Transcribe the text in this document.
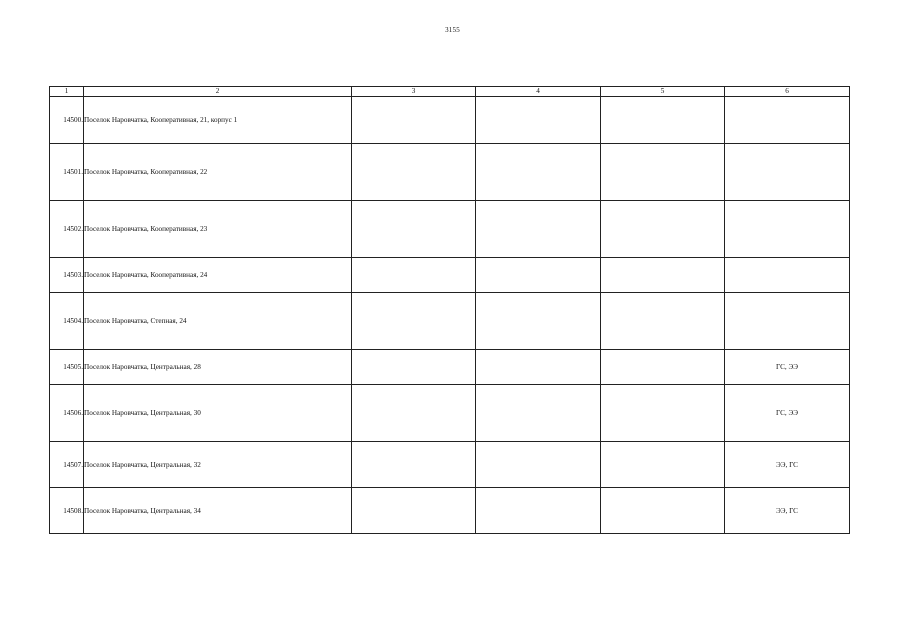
3155
1	2	3	4	5	6
14500.	Поселок Наровчатка, Кооперативная, 21, корпус 1				
14501.	Поселок Наровчатка, Кооперативная, 22				
14502.	Поселок Наровчатка, Кооперативная, 23				
14503.	Поселок Наровчатка, Кооперативная, 24				
14504.	Поселок Наровчатка, Степная, 24				
14505.	Поселок Наровчатка, Центральная, 28				ГС, ЭЭ
14506.	Поселок Наровчатка, Центральная, 30				ГС, ЭЭ
14507.	Поселок Наровчатка, Центральная, 32				ЭЭ, ГС
14508.	Поселок Наровчатка, Центральная, 34				ЭЭ, ГС
